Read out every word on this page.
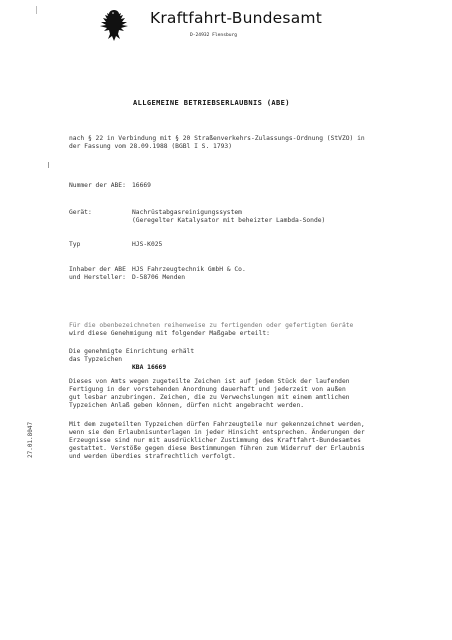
Kraftfahrt-Bundesamt
D-24932 Flensburg
ALLGEMEINE BETRIEBSERLAUBNIS (ABE)
nach § 22 in Verbindung mit § 20 Straßenverkehrs-Zulassungs-Ordnung (StVZO) in
der Fassung vom 28.09.1988 (BGBl I S. 1793)
Nummer der ABE: 16669
Gerät:	Nachrüstabgasreinigungssystem
(Geregelter Katalysator mit beheizter Lambda-Sonde)
Typ	HJS-K025
Inhaber der ABE
und Hersteller:
HJS Fahrzeugtechnik GmbH & Co.
D-58706 Menden
Für die obenbezeichneten reihenweise zu fertigenden oder gefertigten Geräte
wird diese Genehmigung mit folgender Maßgabe erteilt:
Die genehmigte Einrichtung erhält
das Typzeichen
KBA 16669
Dieses von Amts wegen zugeteilte Zeichen ist auf jedem Stück der laufenden
Fertigung in der vorstehenden Anordnung dauerhaft und jederzeit von außen
gut lesbar anzubringen. Zeichen, die zu Verwechslungen mit einem amtlichen
Typzeichen Anlaß geben können, dürfen nicht angebracht werden.
Mit dem zugeteilten Typzeichen dürfen Fahrzeugteile nur gekennzeichnet werden,
wenn sie den Erlaubnisunterlagen in jeder Hinsicht entsprechen. Änderungen der
Erzeugnisse sind nur mit ausdrücklicher Zustimmung des Kraftfahrt-Bundesamtes
gestattet. Verstöße gegen diese Bestimmungen führen zum Widerruf der Erlaubnis
und werden überdies strafrechtlich verfolgt.
27.01.8047
